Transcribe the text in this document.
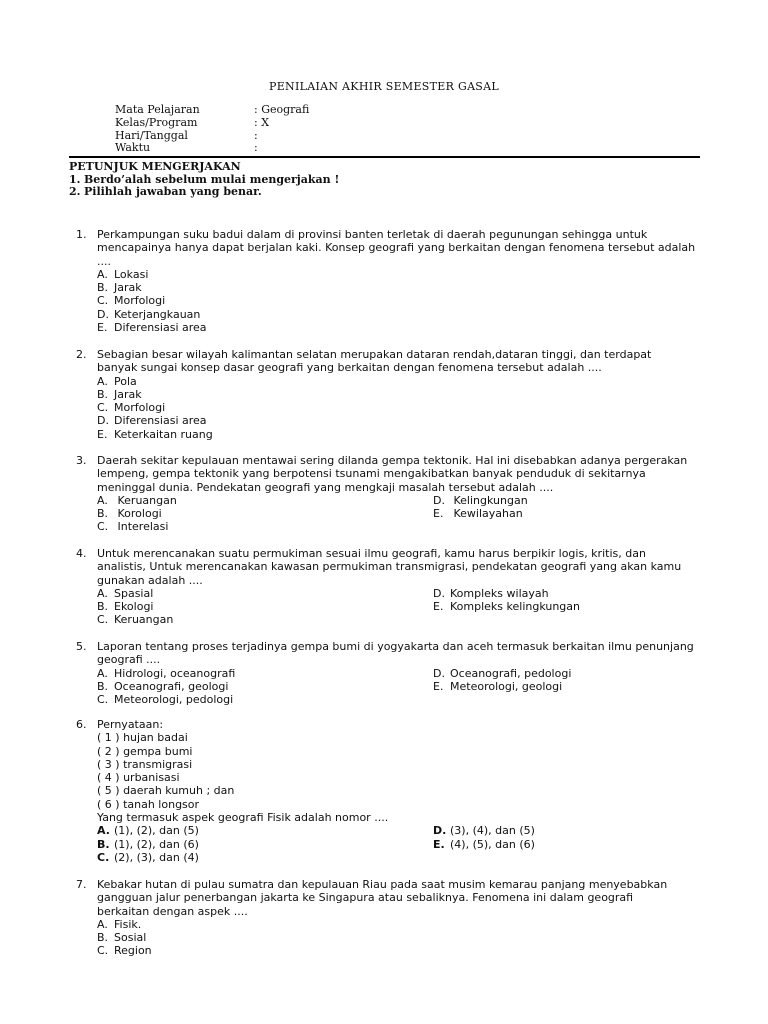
PENILAIAN AKHIR SEMESTER GASAL
Mata Pelajaran	: Geografi
Kelas/Program	: X
Hari/Tanggal	:
Waktu	:
PETUNJUK MENGERJAKAN
1. Berdo’alah sebelum mulai mengerjakan !
2. Pilihlah jawaban yang benar.
1. Perkampungan suku badui dalam di provinsi banten terletak di daerah pegunungan sehingga untuk
mencapainya hanya dapat berjalan kaki. Konsep geografi yang berkaitan dengan fenomena tersebut adalah
....
A. Lokasi
B. Jarak
C. Morfologi
D. Keterjangkauan
E. Diferensiasi area
2. Sebagian besar wilayah kalimantan selatan merupakan dataran rendah,dataran tinggi, dan terdapat
banyak sungai konsep dasar geografi yang berkaitan dengan fenomena tersebut adalah ....
A. Pola
B. Jarak
C. Morfologi
D. Diferensiasi area
E. Keterkaitan ruang
3. Daerah sekitar kepulauan mentawai sering dilanda gempa tektonik. Hal ini disebabkan adanya pergerakan
lempeng, gempa tektonik yang berpotensi tsunami mengakibatkan banyak penduduk di sekitarnya
meninggal dunia. Pendekatan geografi yang mengkaji masalah tersebut adalah ....
A. Keruangan
B. Korologi
C. Interelasi
D. Kelingkungan
E. Kewilayahan
4. Untuk merencanakan suatu permukiman sesuai ilmu geografi, kamu harus berpikir logis, kritis, dan
analistis, Untuk merencanakan kawasan permukiman transmigrasi, pendekatan geografi yang akan kamu
gunakan adalah ....
A. Spasial
B. Ekologi
C. Keruangan
D. Kompleks wilayah
E. Kompleks kelingkungan
5. Laporan tentang proses terjadinya gempa bumi di yogyakarta dan aceh termasuk berkaitan ilmu penunjang
geografi ....
A. Hidrologi, oceanografi
B. Oceanografi, geologi
C. Meteorologi, pedologi
D. Oceanografi, pedologi
E. Meteorologi, geologi
6. Pernyataan:
( 1 ) hujan badai
( 2 ) gempa bumi
( 3 ) transmigrasi
( 4 ) urbanisasi
( 5 ) daerah kumuh ; dan
( 6 ) tanah longsor
Yang termasuk aspek geografi Fisik adalah nomor ....
A. (1), (2), dan (5)
B. (1), (2), dan (6)
C. (2), (3), dan (4)
D. (3), (4), dan (5)
E. (4), (5), dan (6)
7. Kebakar hutan di pulau sumatra dan kepulauan Riau pada saat musim kemarau panjang menyebabkan
gangguan jalur penerbangan jakarta ke Singapura atau sebaliknya. Fenomena ini dalam geografi
berkaitan dengan aspek ....
A. Fisik.
B. Sosial
C. Region
